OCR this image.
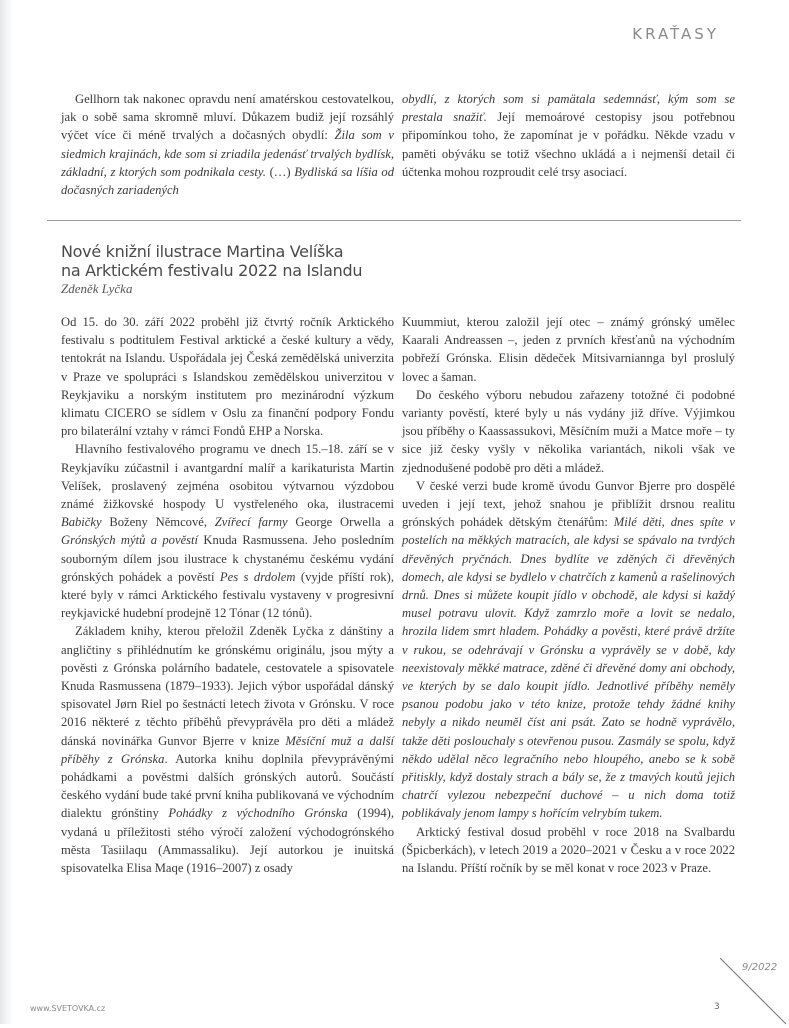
KRAŤASY

Gellhorn tak nakonec opravdu není amatérskou cestovatelkou, jak o sobě sama skromně mluví. Důkazem budiž její rozsáhlý výčet více či méně trvalých a dočasných obydlí: Žila som v siedmich krajinách, kde som si zriadila jedenásť trvalých bydlísk, základní, z ktorých som podnikala cesty. (…) Bydliská sa líšia od dočasných zariadených

obydlí, z ktorých som si pamätala sedemnásť, kým som se prestala snažiť. Její memoárové cestopisy jsou potřebnou připomínkou toho, že zapomínat je v pořádku. Někde vzadu v paměti obýváku se totiž všechno ukládá a i nejmenší detail či účtenka mohou rozproudit celé trsy asociací.

Nové knižní ilustrace Martina Velíška
na Arktickém festivalu 2022 na Islandu
Zdeněk Lyčka

Od 15. do 30. září 2022 proběhl již čtvrtý ročník Arktického festivalu s podtitulem Festival arktické a české kultury a vědy, tentokrát na Islandu. Uspořádala jej Česká zemědělská univerzita v Praze ve spolupráci s Islandskou zemědělskou univerzitou v Reykjaviku a norským institutem pro mezinárodní výzkum klimatu CICERO se sídlem v Oslu za finanční podpory Fondu pro bilaterální vztahy v rámci Fondů EHP a Norska.

Hlavního festivalového programu ve dnech 15.–18. září se v Reykjavíku zúčastnil i avantgardní malíř a karikaturista Martin Velíšek, proslavený zejména osobitou výtvarnou výzdobou známé žižkovské hospody U vystřeleného oka, ilustracemi Babičky Boženy Němcové, Zvířecí farmy George Orwella a Grónských mýtů a pověstí Knuda Rasmussena. Jeho posledním souborným dílem jsou ilustrace k chystanému českému vydání grónských pohádek a pověstí Pes s drdolem (vyjde příští rok), které byly v rámci Arktického festivalu vystaveny v progresivní reykjavické hudební prodejně 12 Tónar (12 tónů).

Základem knihy, kterou přeložil Zdeněk Lyčka z dánštiny a angličtiny s přihlédnutím ke grónskému originálu, jsou mýty a pověsti z Grónska polárního badatele, cestovatele a spisovatele Knuda Rasmussena (1879–1933). Jejich výbor uspořádal dánský spisovatel Jørn Riel po šestnácti letech života v Grónsku. V roce 2016 některé z těchto příběhů převyprávěla pro děti a mládež dánská novinářka Gunvor Bjerre v knize Měsíční muž a další příběhy z Grónska. Autorka knihu doplnila převyprávěnými pohádkami a pověstmi dalších grónských autorů. Součástí českého vydání bude také první kniha publikovaná ve východním dialektu grónštiny Pohádky z východního Grónska (1994), vydaná u příležitosti stého výročí založení východogrónského města Tasiilaqu (Ammassaliku). Její autorkou je inuitská spisovatelka Elisa Maqe (1916–2007) z osady

Kuummiut, kterou založil její otec – známý grónský umělec Kaarali Andreassen –, jeden z prvních křesťanů na východním pobřeží Grónska. Elisin dědeček Mitsivarniannga byl proslulý lovec a šaman.

Do českého výboru nebudou zařazeny totožné či podobné varianty pověstí, které byly u nás vydány již dříve. Výjimkou jsou příběhy o Kaassassukovi, Měsíčním muži a Matce moře – ty sice již česky vyšly v několika variantách, nikoli však ve zjednodušené podobě pro děti a mládež.

V české verzi bude kromě úvodu Gunvor Bjerre pro dospělé uveden i její text, jehož snahou je přiblížit drsnou realitu grónských pohádek dětským čtenářům: Milé děti, dnes spíte v postelích na měkkých matracích, ale kdysi se spávalo na tvrdých dřevěných pryčnách. Dnes bydlíte ve zděných či dřevěných domech, ale kdysi se bydlelo v chatrčích z kamenů a rašelinových drnů. Dnes si můžete koupit jídlo v obchodě, ale kdysi si každý musel potravu ulovit. Když zamrzlo moře a lovit se nedalo, hrozila lidem smrt hladem. Pohádky a pověsti, které právě držíte v rukou, se odehrávají v Grónsku a vyprávěly se v době, kdy neexistovaly měkké matrace, zděné či dřevěné domy ani obchody, ve kterých by se dalo koupit jídlo. Jednotlivé příběhy neměly psanou podobu jako v této knize, protože tehdy žádné knihy nebyly a nikdo neuměl číst ani psát. Zato se hodně vyprávělo, takže děti poslouchaly s otevřenou pusou. Zasmály se spolu, když někdo udělal něco legračního nebo hloupého, anebo se k sobě přitiskly, když dostaly strach a bály se, že z tmavých koutů jejich chatrčí vylezou nebezpeční duchové – u nich doma totiž poblikávaly jenom lampy s hořícím velrybím tukem.

Arktický festival dosud proběhl v roce 2018 na Svalbardu (Špicberkách), v letech 2019 a 2020–2021 v Česku a v roce 2022 na Islandu. Příští ročník by se měl konat v roce 2023 v Praze.

www.SVETOVKA.cz	3
9/2022
